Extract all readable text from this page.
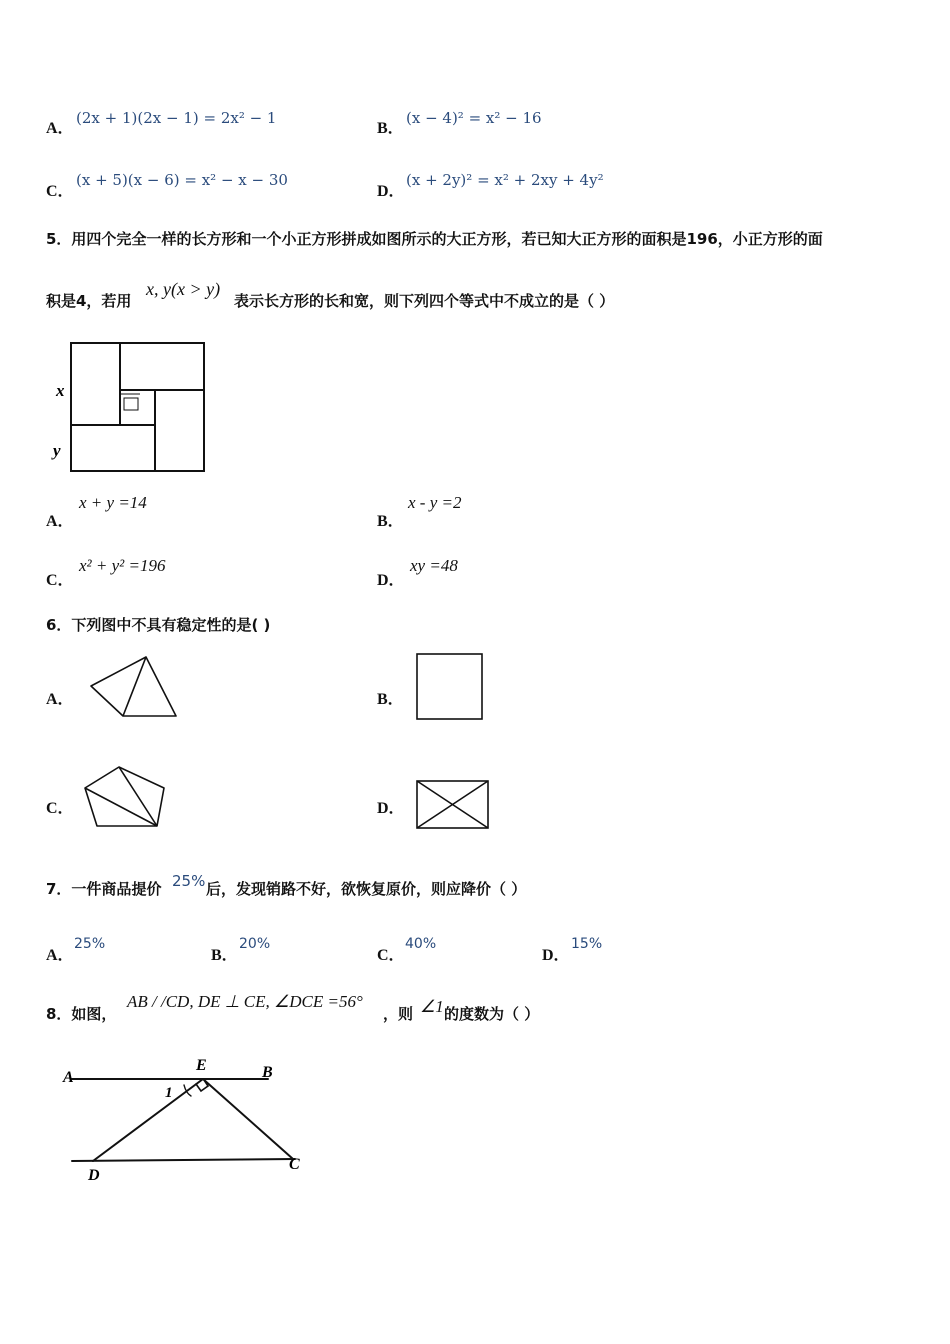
A．
(2x + 1)(2x − 1) = 2x² − 1
B．
(x − 4)² = x² − 16
C．
(x + 5)(x − 6) = x² − x − 30
D．
(x + 2y)² = x² + 2xy + 4y²
5．用四个完全一样的长方形和一个小正方形拼成如图所示的大正方形，若已知大正方形的面积是196，小正方形的面
积是4，若用
x, y(x > y)
表示长方形的长和宽，则下列四个等式中不成立的是（ ）
x
y
A．
x + y =14
B．
x - y =2
C．
x² + y² =196
D．
xy =48
6．下列图中不具有稳定性的是( )
A．	B．
C．	D．
7．一件商品提价 25% 后，发现销路不好，欲恢复原价，则应降价（ ）
A．
25%
B．
20%
C．
40%
D．
15%
8．如图，
AB / /CD, DE ⊥ CE, ∠DCE =56°
，则 ∠1 的度数为（ ）
A
E	B
1
D
C
